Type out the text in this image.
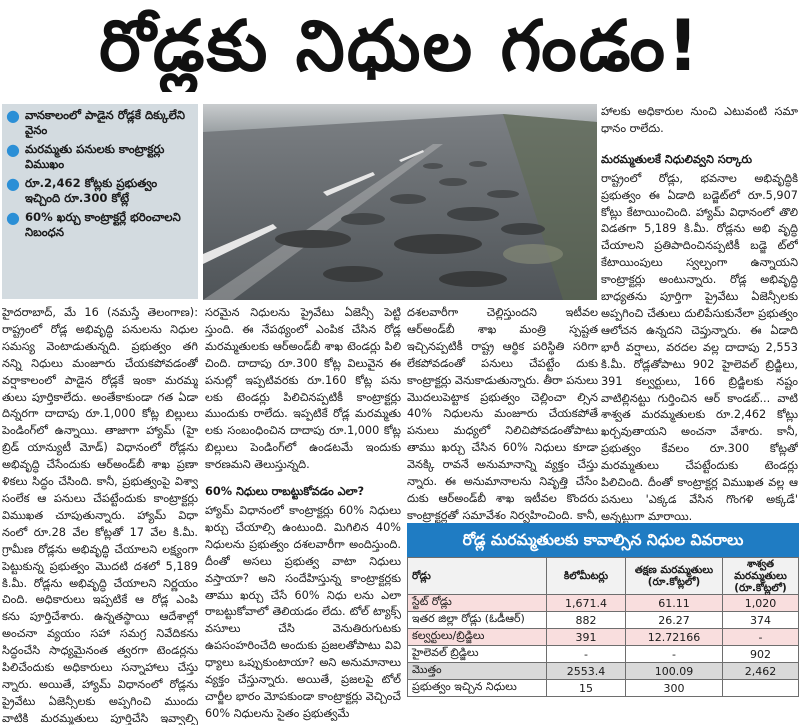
రోడ్లకు నిధుల గండం!
● వానకాలంలో పాడైన రోడ్లకే దిక్కులేని వైనం
● మరమ్మతు పనులకు కాంట్రాక్టర్లు విముఖం
● రూ.2,462 కోట్లకు ప్రభుత్వం ఇచ్చింది రూ.300 కోట్లే
● 60% ఖర్చు కాంట్రాక్టర్లే భరించాలని నిబంధన

హైదరాబాద్, మే 16 (నమస్తే తెలంగాణ): రాష్ట్రంలో రోడ్ల అభివృద్ధి పనులను నిధుల సమస్య వెంటాడుతున్నది. ప్రభుత్వం తగి నన్ని నిధులు మంజూరు చేయకపోవడంతో వర్షాకాలంలో పాడైన రోడ్లకే ఇంకా మరమ్మ తులు పూర్తికాలేదు. అంతేకాకుండా గత ఏడా దిన్నరగా దాదాపు రూ.1,000 కోట్ల బిల్లులు పెండింగ్‌లో ఉన్నాయి. తాజాగా హ్యామ్ (హై బ్రిడ్ యాన్యుటీ మోడ్) విధానంలో రోడ్లను అభివృద్ధి చేసేందుకు ఆర్‌అండ్‌బీ శాఖ ప్రణా ళికలు సిద్ధం చేసింది. కానీ, ప్రభుత్వంపై విశ్వా సంలేక ఆ పనులు చేపట్టేందుకు కాంట్రాక్టర్లు విముఖత చూపుతున్నారు. హ్యామ్ విధా నంలో రూ.28 వేల కోట్లతో 17 వేల కి.మీ. గ్రామీణ రోడ్లను అభివృద్ధి చేయాలని లక్ష్యంగా పెట్టుకున్న ప్రభుత్వం మొదటి దశలో 5,189 కి.మీ. రోడ్లను అభివృద్ధి చేయాలని నిర్ణయం చింది. అధికారులు ఇప్పటికే ఆ రోడ్ల ఎంపి కను పూర్తిచేశారు. ఉన్నతస్థాయి ఆదేశాల్లో అంచనా వ్యయం సహా సమగ్ర నివేదికను సిద్ధంచేసి సాధ్యమైనంత త్వరగా టెండర్లను పిలిచేందుకు అధికారులు సన్నాహాలు చేస్తు న్నారు. అయితే, హ్యామ్ విధానంలో రోడ్లను ప్రైవేటు ఏజెన్సీలకు అప్పగించి ముందు వాటికి మరమ్మతులు పూర్తిచేసి ఇవ్వాల్సి

సరమైన నిధులను ప్రైవేటు ఏజెన్సీ పెట్టి స్తుంది. ఈ నేపథ్యంలో ఎంపిక చేసిన రోడ్ల మరమ్మతులకు ఆర్‌అండ్‌బీ శాఖ టెండర్లు పిలి చింది. దాదాపు రూ.300 కోట్ల విలువైన ఈ పనుల్లో ఇప్పటివరకు రూ.160 కోట్ల పను లకు టెండర్లు పిలిచినప్పటికీ కాంట్రాక్టర్లు ముందుకు రాలేదు. ఇప్పటికే రోడ్ల మరమ్మతు లకు సంబంధించిన దాదాపు రూ.1,000 కోట్ల బిల్లులు పెండింగ్‌లో ఉండటమే ఇందుకు కారణమని తెలుస్తున్నది.

60% నిధులు రాబట్టుకోవడం ఎలా?

హ్యామ్ విధానంలో కాంట్రాక్టర్లు 60% నిధులు ఖర్చు చేయాల్సి ఉంటుంది. మిగిలిన 40% నిధులను ప్రభుత్వం దశలవారీగా అందిస్తుంది. దీంతో అసలు ప్రభుత్వ వాటా నిధులు వస్తాయా? అని సందేహిస్తున్న కాంట్రాక్టర్లకు తాము ఖర్చు చేసే 60% నిధు లను ఎలా రాబట్టుకోవాలో తెలియడం లేదు. టోల్ ట్యాక్స్ వసూలు చేసి వెనుతిరుగుటకు ఉపసంహరించేది అందుకు ప్రజలతోపాటు వివి ధ్యాలు ఒప్పుకుంటాయా? అని అనుమానాలు వ్యక్తం చేస్తున్నారు. అయితే, ప్రజలపై టోల్ చార్జీల భారం మోపకుండా కాంట్రాక్టర్లు వెచ్చించే 60% నిధులను సైతం ప్రభుత్వమే

దశలవారీగా చెల్లిస్తుందని ఇటీవల ఆర్‌అండ్‌బీ శాఖ మంత్రి స్పష్టత ఇచ్చినప్పటికీ రాష్ట్ర ఆర్థిక పరిస్థితి సరిగా లేకపోవడంతో పనులు చేపట్టేం దుకు కాంట్రాక్టర్లు వెనుకాడుతున్నారు. తీరా పనులు మొదలుపెట్టాక ప్రభుత్వం చెల్లించా ల్సిన 40% నిధులను మంజూరు చేయకపోతే పనులు మధ్యలో నిలిచిపోవడంతోపాటు తాము ఖర్చు చేసిన 60% నిధులు కూడా వెనక్కి రావనే అనుమానాన్ని వ్యక్తం చేస్తు న్నారు. ఈ అనుమానాలను నివృత్తి చేసేం దుకు ఆర్‌అండ్‌బీ శాఖ ఇటీవల కొందరు కాంట్రాక్టర్లతో సమావేశం నిర్వహించింది. కానీ,

హాలకు అధికారుల నుంచి ఎటువంటి సమా ధానం రాలేదు.

మరమ్మతులకే నిధులివ్వని సర్కారు

రాష్ట్రంలో రోడ్లు, భవనాల అభివృద్ధికి ప్రభుత్వం ఈ ఏడాది బడ్జెట్‌లో రూ.5,907 కోట్లు కేటాయించింది. హ్యామ్ విధానంలో తొలి విడతగా 5,189 కి.మీ. రోడ్లను అభి వృద్ధి చేయాలని ప్రతిపాదించినప్పటికీ బడ్జె ట్‌లో కేటాయింపులు స్వల్పంగా ఉన్నాయని కాంట్రాక్టర్లు అంటున్నారు. రోడ్ల అభివృద్ధి బాధ్యతను పూర్తిగా ప్రైవేటు ఏజెన్సీలకు అప్పగించి చేతులు దులిపేసుకునేలా ప్రభుత్వం ఆలోచన ఉన్నదని చెప్తున్నారు. ఈ ఏడాది భారీ వర్షాలు, వరదల వల్ల దాదాపు 2,553 కి.మీ. రోడ్లతోపాటు 902 హైలెవల్ బ్రిడ్జిలు, 391 కల్వర్టులు, 166 బ్రిడ్జిలకు నష్టం వాటిల్లినట్టు గుర్తించిన ఆర్ కాండబ్... వాటి శాశ్వత మరమ్మతులకు రూ.2,462 కోట్లు ఖర్చవుతాయని అంచనా వేశారు. కానీ, ప్రభుత్వం కేవలం రూ.300 కోట్లతో మరమ్మతులు చేపట్టేందుకు టెండర్లు పిలిచింది. దీంతో కాంట్రాక్టర్ల విముఖత వల్ల ఆ పనులు 'ఎక్కడ వేసిన గొంగళి అక్కడే' అన్నట్టుగా మారాయి.

రోడ్ల మరమ్మతులకు కావాల్సిన నిధుల వివరాలు
రోడ్లు	కిలోమీటర్లు	తక్షణ మరమ్మతులు (రూ.కోట్లలో)	శాశ్వత మరమ్మతులు (రూ.కోట్లలో)
స్టేట్ రోడ్లు	1,671.4	61.11	1,020
ఇతర జిల్లా రోడ్లు (ఓడీఆర్)	882	26.27	374
కల్వర్టులు/బ్రిడ్జిలు	391	12.72166	-
హైలెవల్ బ్రిడ్జిలు	-	-	902
మొత్తం	2553.4	100.09	2,462
ప్రభుత్వం ఇచ్చిన నిధులు	15	300	
